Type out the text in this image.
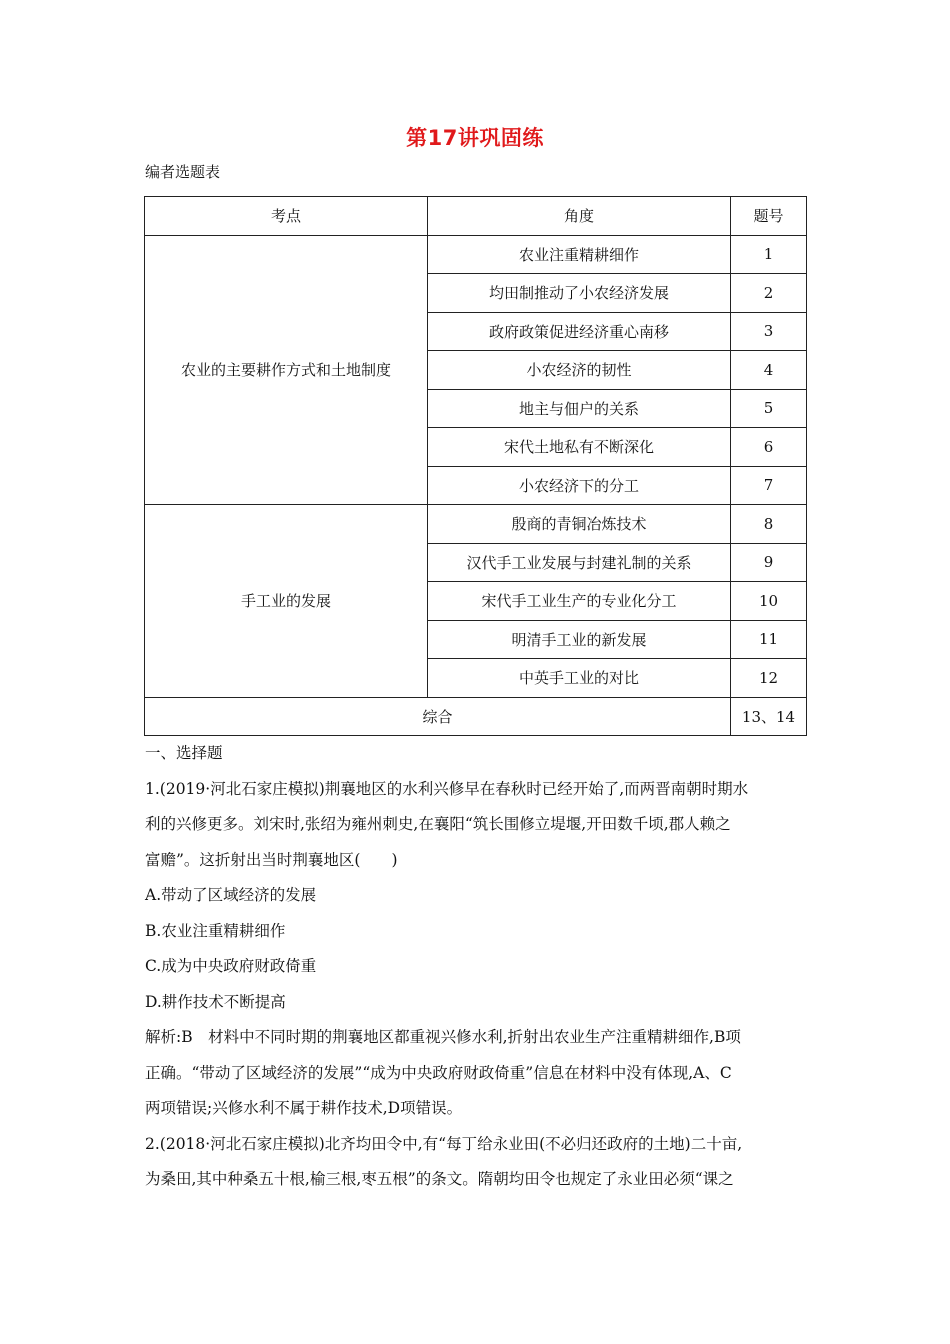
第17讲巩固练
编者选题表
考点	角度	题号
农业的主要耕作方式和土地制度	农业注重精耕细作	1
	均田制推动了小农经济发展	2
	政府政策促进经济重心南移	3
	小农经济的韧性	4
	地主与佃户的关系	5
	宋代土地私有不断深化	6
	小农经济下的分工	7
手工业的发展	殷商的青铜冶炼技术	8
	汉代手工业发展与封建礼制的关系	9
	宋代手工业生产的专业化分工	10
	明清手工业的新发展	11
	中英手工业的对比	12
综合		13、14

一、选择题

1.(2019·河北石家庄模拟)荆襄地区的水利兴修早在春秋时已经开始了,而两晋南朝时期水

利的兴修更多。刘宋时,张绍为雍州刺史,在襄阳“筑长围修立堤堰,开田数千顷,郡人赖之

富赡”。这折射出当时荆襄地区(　　)

A.带动了区域经济的发展

B.农业注重精耕细作

C.成为中央政府财政倚重

D.耕作技术不断提高

解析:B　材料中不同时期的荆襄地区都重视兴修水利,折射出农业生产注重精耕细作,B项

正确。“带动了区域经济的发展”“成为中央政府财政倚重”信息在材料中没有体现,A、C

两项错误;兴修水利不属于耕作技术,D项错误。

2.(2018·河北石家庄模拟)北齐均田令中,有“每丁给永业田(不必归还政府的土地)二十亩,

为桑田,其中种桑五十根,榆三根,枣五根”的条文。隋朝均田令也规定了永业田必须“课之
